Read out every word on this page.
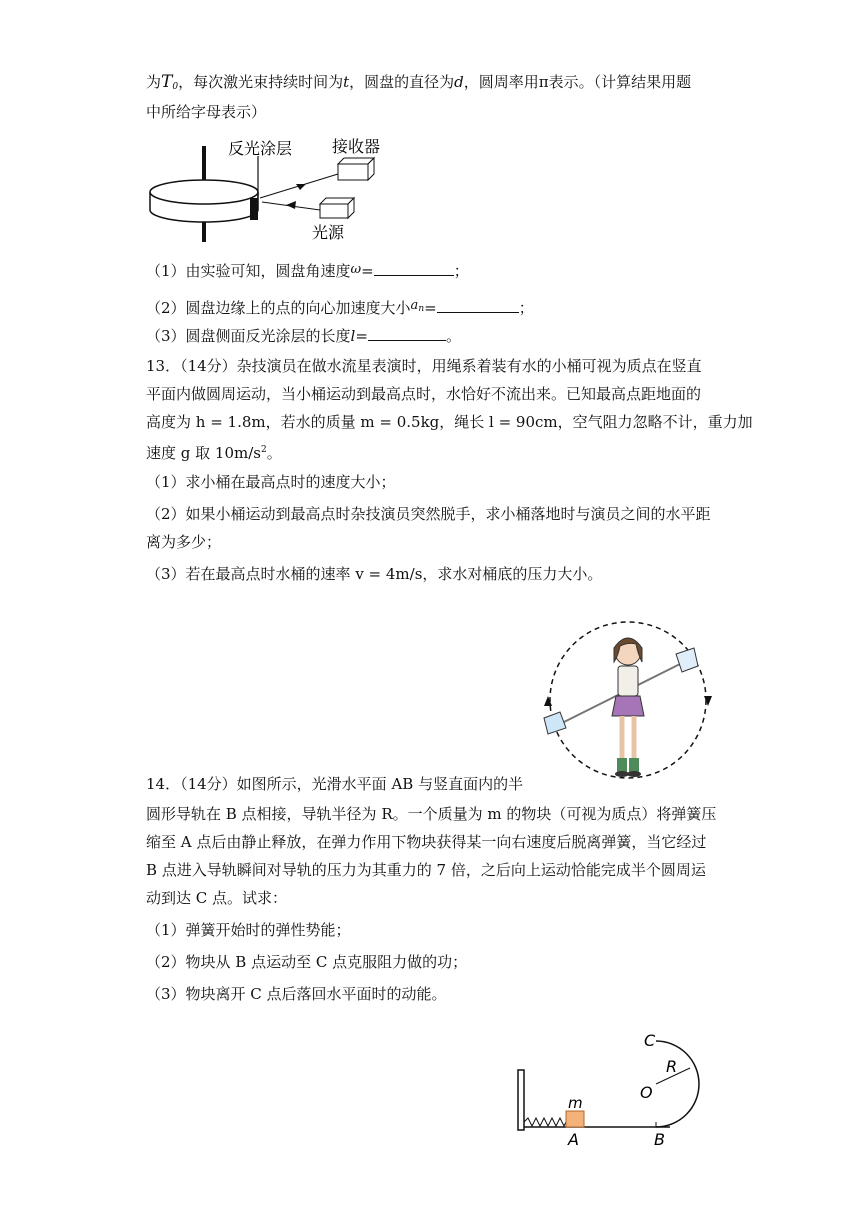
为$T_0$，每次激光束持续时间为t，圆盘的直径为d，圆周率用π表示。（计算结果用题
中所给字母表示）
反光涂层 接收器
光源
（1）由实验可知，圆盘角速度ω=	；
（2）圆盘边缘上的点的向心加速度大小$a_n=$	；
（3）圆盘侧面反光涂层的长度l=	。
13．（14分）杂技演员在做水流星表演时，用绳系着装有水的小桶可视为质点在竖直
平面内做圆周运动，当小桶运动到最高点时，水恰好不流出来。已知最高点距地面的
高度为 h = 1.8m，若水的质量 m = 0.5kg，绳长 l = 90cm，空气阻力忽略不计，重力加
速度 g 取 $10m/s^2$。
（1）求小桶在最高点时的速度大小；
（2）如果小桶运动到最高点时杂技演员突然脱手，求小桶落地时与演员之间的水平距
离为多少；
（3）若在最高点时水桶的速率 v = 4m/s，求水对桶底的压力大小。
14．（14分）如图所示，光滑水平面 AB 与竖直面内的半
圆形导轨在 B 点相接，导轨半径为 R。一个质量为 m 的物块（可视为质点）将弹簧压
缩至 A 点后由静止释放，在弹力作用下物块获得某一向右速度后脱离弹簧，当它经过
B 点进入导轨瞬间对导轨的压力为其重力的 7 倍，之后向上运动恰能完成半个圆周运
动到达 C 点。试求：
（1）弹簧开始时的弹性势能；
（2）物块从 B 点运动至 C 点克服阻力做的功；
（3）物块离开 C 点后落回水平面时的动能。
C
R
O
m
A	B
